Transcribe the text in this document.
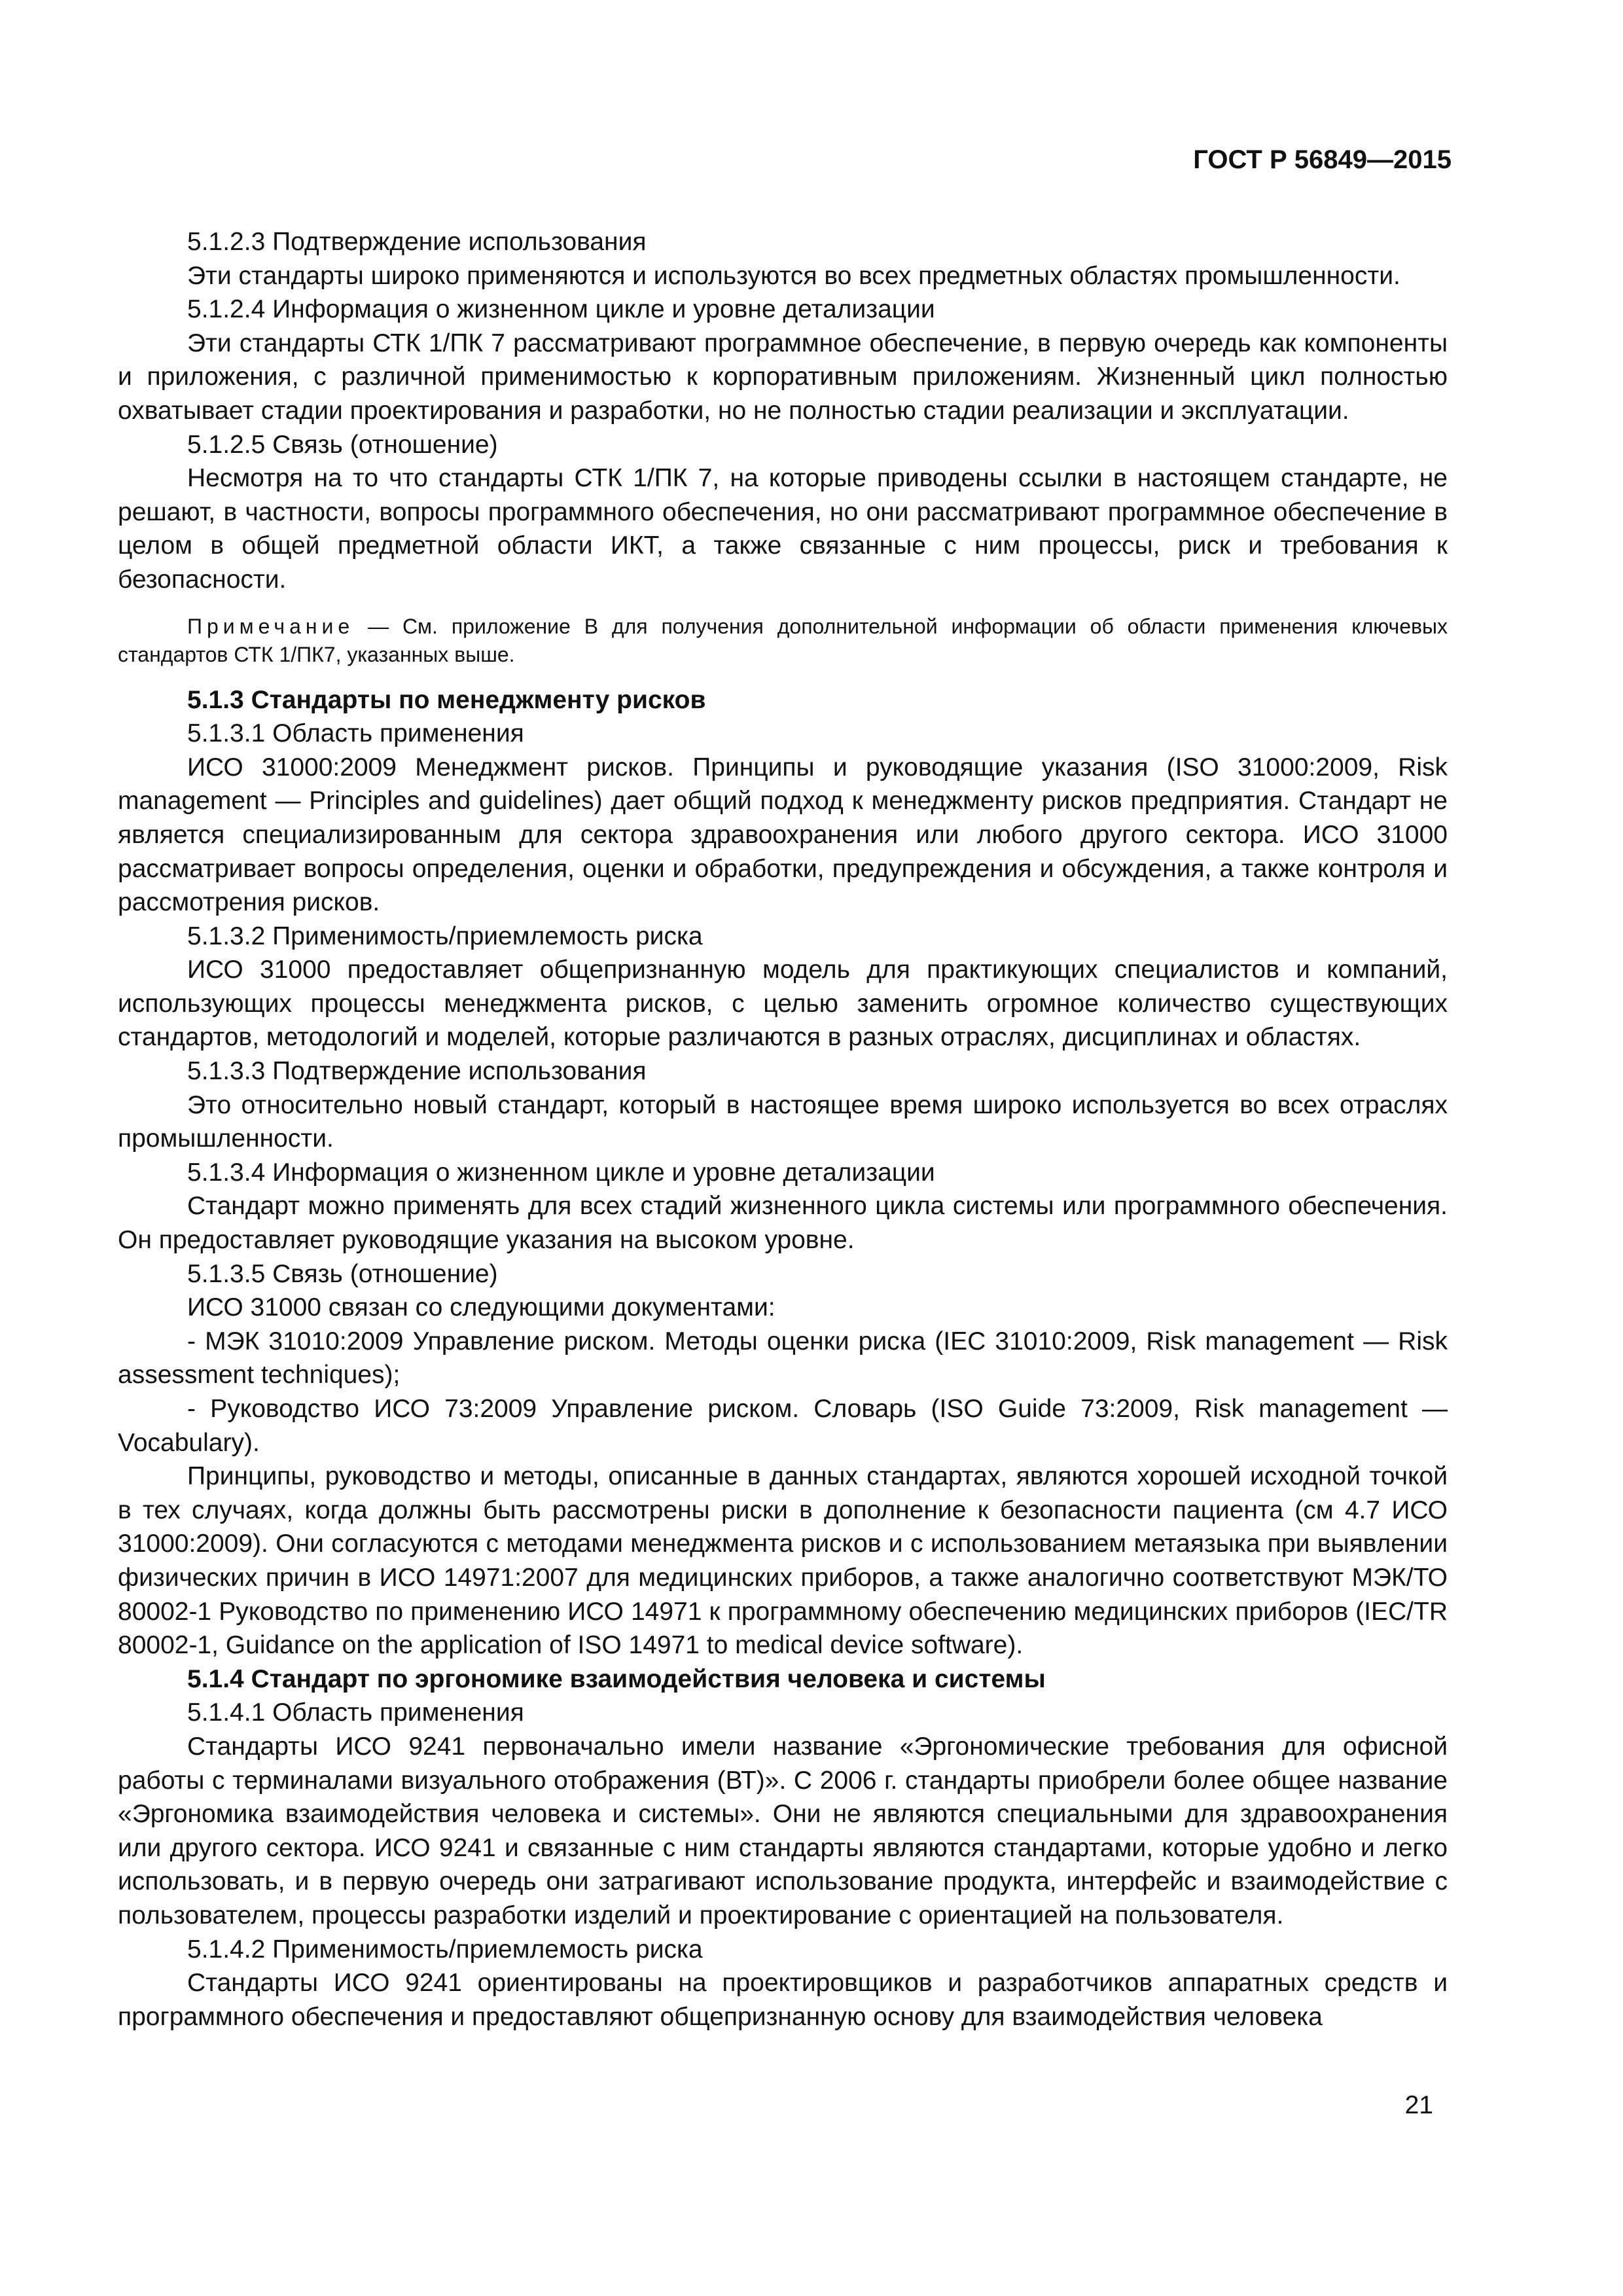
ГОСТ Р 56849—2015

5.1.2.3 Подтверждение использования

Эти стандарты широко применяются и используются во всех предметных областях промышленности.

5.1.2.4 Информация о жизненном цикле и уровне детализации

Эти стандарты СТК 1/ПК 7 рассматривают программное обеспечение, в первую очередь как компоненты и приложения, с различной применимостью к корпоративным приложениям. Жизненный цикл полностью охватывает стадии проектирования и разработки, но не полностью стадии реализации и эксплуатации.

5.1.2.5 Связь (отношение)

Несмотря на то что стандарты СТК 1/ПК 7, на которые приводены ссылки в настоящем стандарте, не решают, в частности, вопросы программного обеспечения, но они рассматривают программное обеспечение в целом в общей предметной области ИКТ, а также связанные с ним процессы, риск и требования к безопасности.

Примечание — См. приложение В для получения дополнительной информации об области применения ключевых стандартов СТК 1/ПК7, указанных выше.

5.1.3 Стандарты по менеджменту рисков

5.1.3.1 Область применения

ИСО 31000:2009 Менеджмент рисков. Принципы и руководящие указания (ISO 31000:2009, Risk management — Principles and guidelines) дает общий подход к менеджменту рисков предприятия. Стандарт не является специализированным для сектора здравоохранения или любого другого сектора. ИСО 31000 рассматривает вопросы определения, оценки и обработки, предупреждения и обсуждения, а также контроля и рассмотрения рисков.

5.1.3.2 Применимость/приемлемость риска

ИСО 31000 предоставляет общепризнанную модель для практикующих специалистов и компаний, использующих процессы менеджмента рисков, с целью заменить огромное количество существующих стандартов, методологий и моделей, которые различаются в разных отраслях, дисциплинах и областях.

5.1.3.3 Подтверждение использования

Это относительно новый стандарт, который в настоящее время широко используется во всех отраслях промышленности.

5.1.3.4 Информация о жизненном цикле и уровне детализации

Стандарт можно применять для всех стадий жизненного цикла системы или программного обеспечения. Он предоставляет руководящие указания на высоком уровне.

5.1.3.5 Связь (отношение)

ИСО 31000 связан со следующими документами:

- МЭК 31010:2009 Управление риском. Методы оценки риска (IEC 31010:2009, Risk management — Risk assessment techniques);

- Руководство ИСО 73:2009 Управление риском. Словарь (ISO Guide 73:2009, Risk management — Vocabulary).

Принципы, руководство и методы, описанные в данных стандартах, являются хорошей исходной точкой в тех случаях, когда должны быть рассмотрены риски в дополнение к безопасности пациента (см 4.7 ИСО 31000:2009). Они согласуются с методами менеджмента рисков и с использованием метаязыка при выявлении физических причин в ИСО 14971:2007 для медицинских приборов, а также аналогично соответствуют МЭК/ТО 80002-1 Руководство по применению ИСО 14971 к программному обеспечению медицинских приборов (IEC/TR 80002-1, Guidance on the application of ISO 14971 to medical device software).

5.1.4 Стандарт по эргономике взаимодействия человека и системы

5.1.4.1 Область применения

Стандарты ИСО 9241 первоначально имели название «Эргономические требования для офисной работы с терминалами визуального отображения (ВТ)». С 2006 г. стандарты приобрели более общее название «Эргономика взаимодействия человека и системы». Они не являются специальными для здравоохранения или другого сектора. ИСО 9241 и связанные с ним стандарты являются стандартами, которые удобно и легко использовать, и в первую очередь они затрагивают использование продукта, интерфейс и взаимодействие с пользователем, процессы разработки изделий и проектирование с ориентацией на пользователя.

5.1.4.2 Применимость/приемлемость риска

Стандарты ИСО 9241 ориентированы на проектировщиков и разработчиков аппаратных средств и программного обеспечения и предоставляют общепризнанную основу для взаимодействия человека

21
